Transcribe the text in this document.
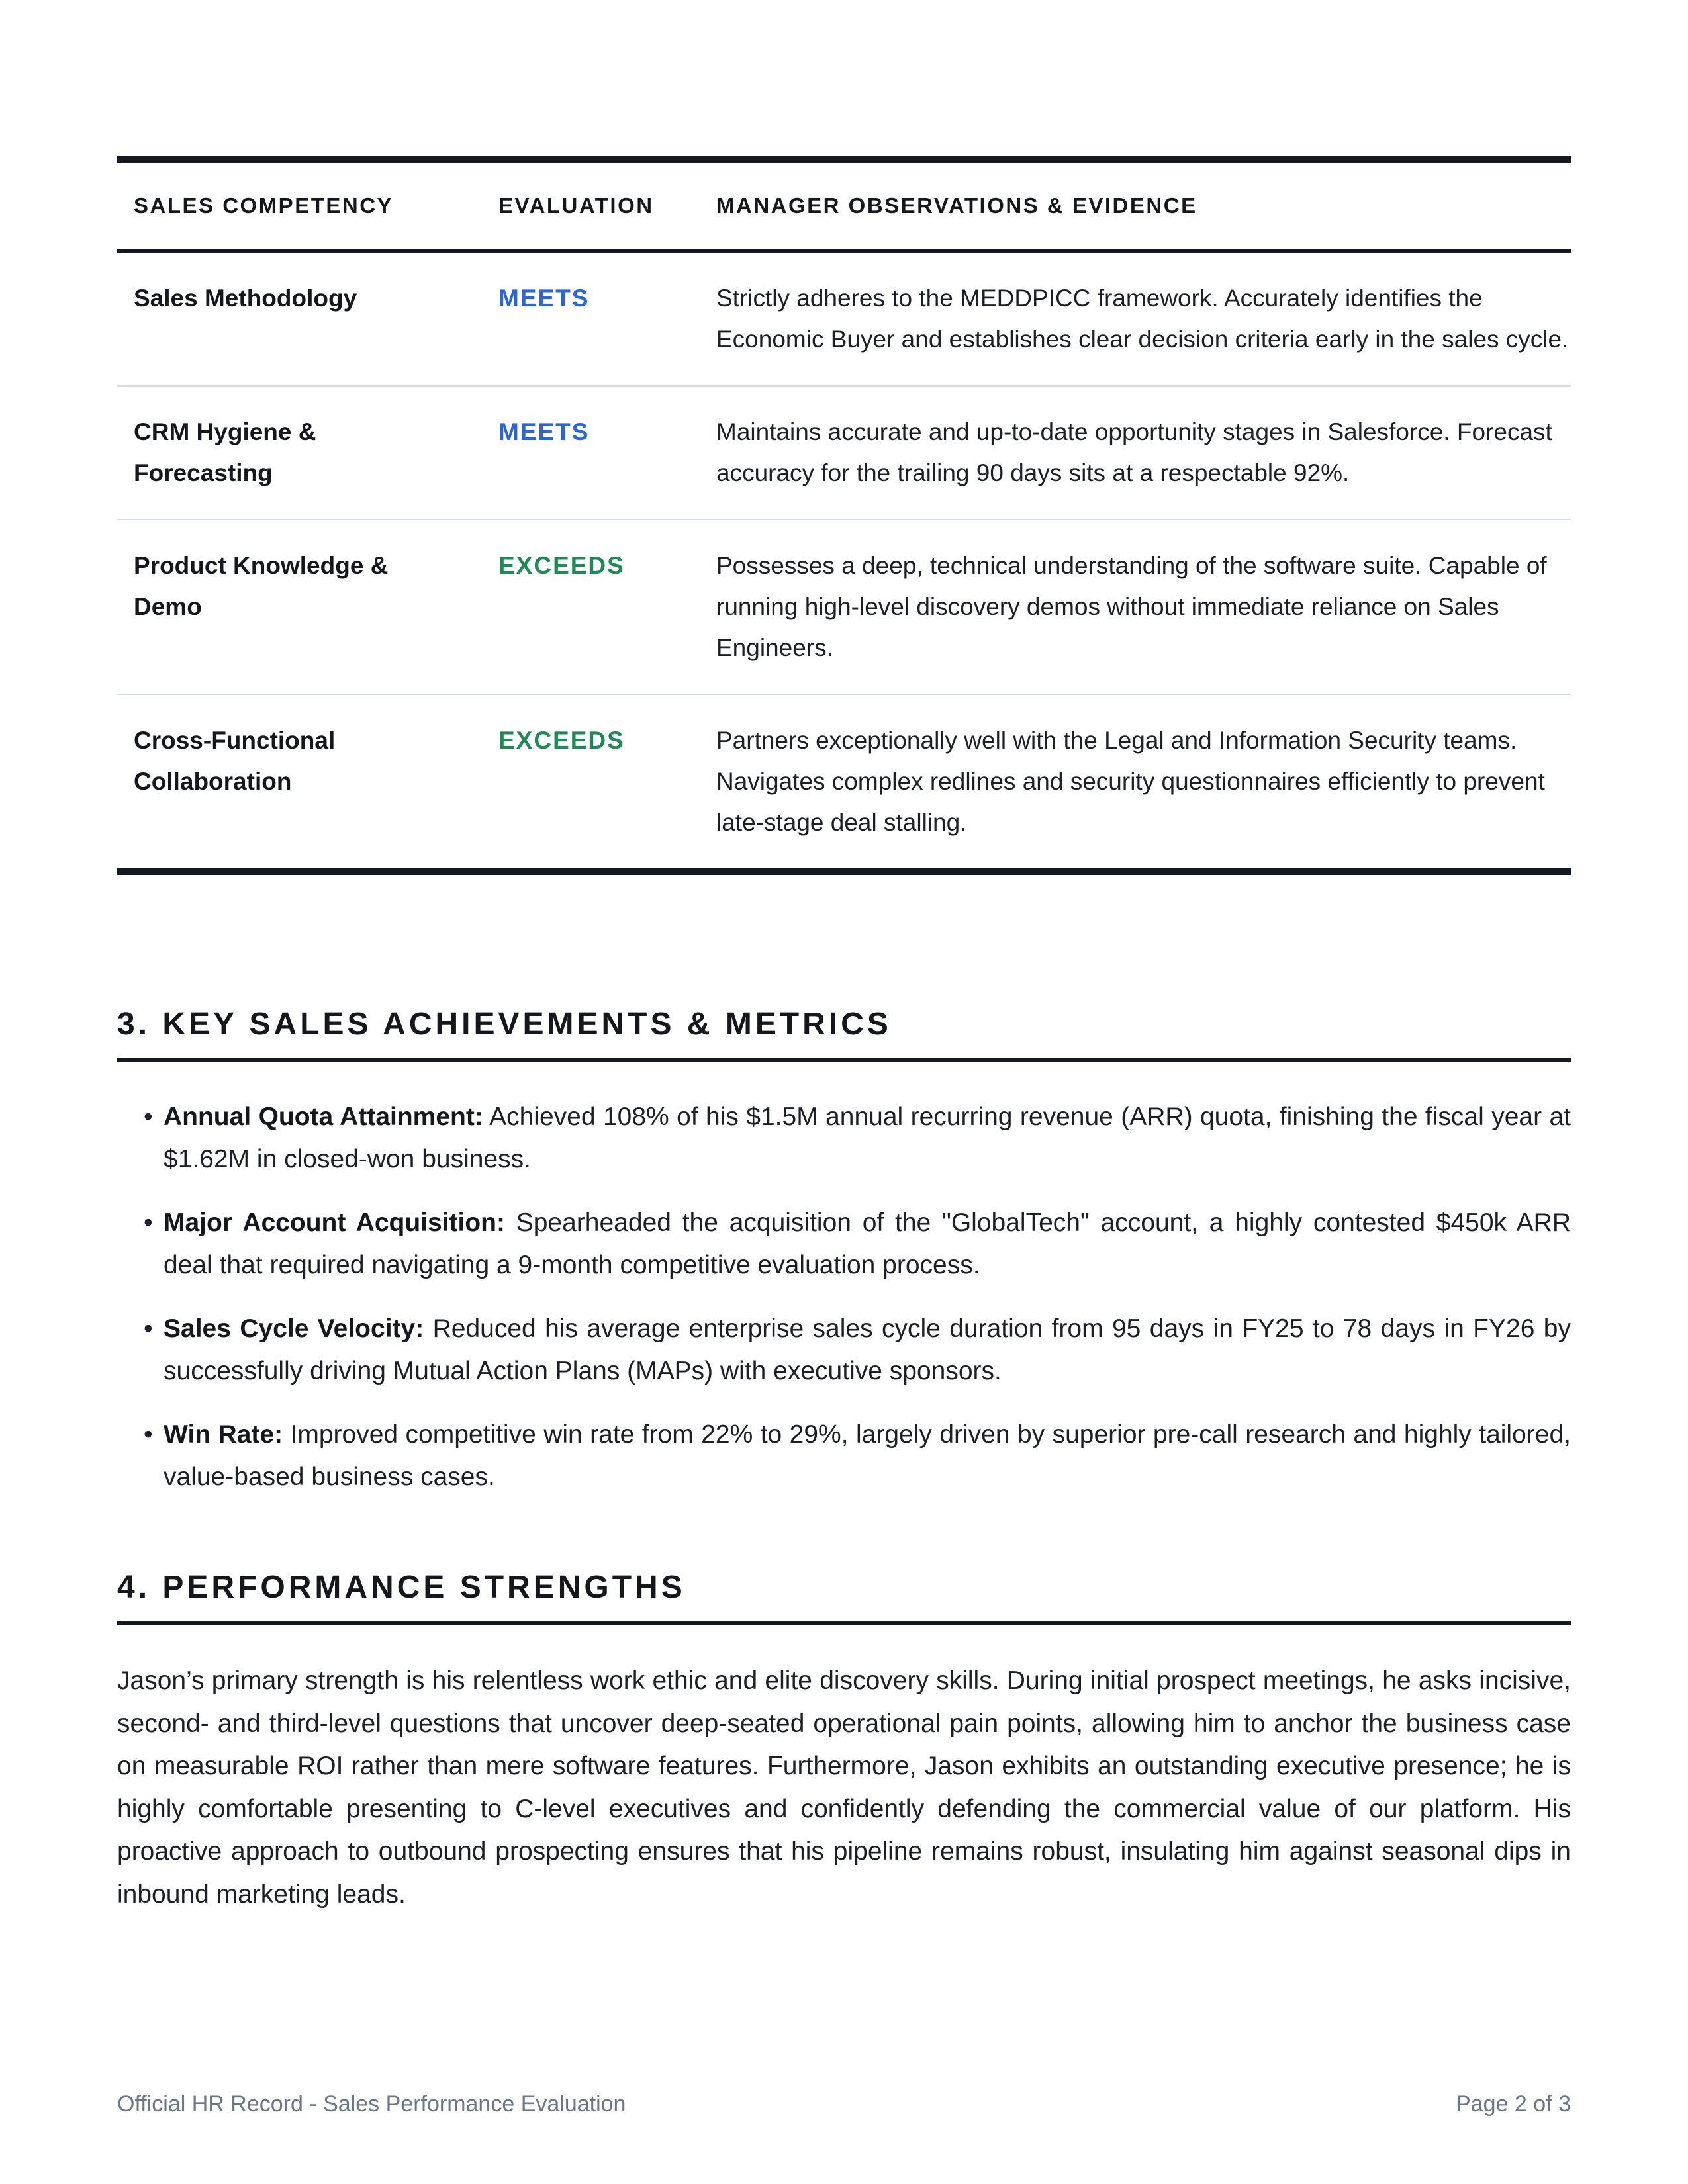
SALES COMPETENCY	EVALUATION	MANAGER OBSERVATIONS & EVIDENCE
Sales Methodology	MEETS	Strictly adheres to the MEDDPICC framework. Accurately identifies the Economic Buyer and establishes clear decision criteria early in the sales cycle.
CRM Hygiene & Forecasting	MEETS	Maintains accurate and up-to-date opportunity stages in Salesforce. Forecast accuracy for the trailing 90 days sits at a respectable 92%.
Product Knowledge & Demo	EXCEEDS	Possesses a deep, technical understanding of the software suite. Capable of running high-level discovery demos without immediate reliance on Sales Engineers.
Cross-Functional Collaboration	EXCEEDS	Partners exceptionally well with the Legal and Information Security teams. Navigates complex redlines and security questionnaires efficiently to prevent late-stage deal stalling.
3. KEY SALES ACHIEVEMENTS & METRICS
• Annual Quota Attainment: Achieved 108% of his $1.5M annual recurring revenue (ARR) quota, finishing the fiscal year at $1.62M in closed-won business.
• Major Account Acquisition: Spearheaded the acquisition of the "GlobalTech" account, a highly contested $450k ARR deal that required navigating a 9-month competitive evaluation process.
• Sales Cycle Velocity: Reduced his average enterprise sales cycle duration from 95 days in FY25 to 78 days in FY26 by successfully driving Mutual Action Plans (MAPs) with executive sponsors.
• Win Rate: Improved competitive win rate from 22% to 29%, largely driven by superior pre-call research and highly tailored, value-based business cases.
4. PERFORMANCE STRENGTHS

Jason’s primary strength is his relentless work ethic and elite discovery skills. During initial prospect meetings, he asks incisive, second- and third-level questions that uncover deep-seated operational pain points, allowing him to anchor the business case on measurable ROI rather than mere software features. Furthermore, Jason exhibits an outstanding executive presence; he is highly comfortable presenting to C-level executives and confidently defending the commercial value of our platform. His proactive approach to outbound prospecting ensures that his pipeline remains robust, insulating him against seasonal dips in inbound marketing leads.

Official HR Record - Sales Performance Evaluation	Page 2 of 3
